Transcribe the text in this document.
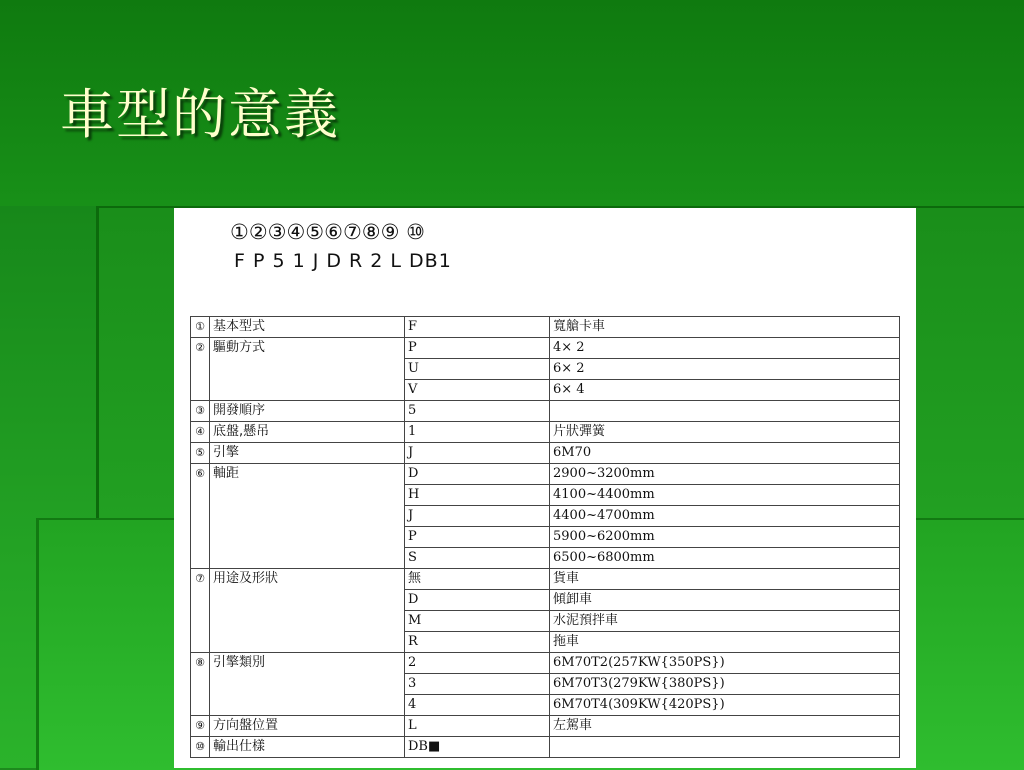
車型的意義
①②③④⑤⑥⑦⑧⑨ ⑩
F P 5 1 J D R 2 L DB1
①	基本型式	F	寬艙卡車
②	驅動方式	P	4× 2
		U	6× 2
		V	6× 4
③	開發順序	5	
④	底盤,懸吊	1	片狀彈簧
⑤	引擎	J	6M70
⑥	軸距	D	2900~3200mm
		H	4100~4400mm
		J	4400~4700mm
		P	5900~6200mm
		S	6500~6800mm
⑦	用途及形狀	無	貨車
		D	傾卸車
		M	水泥預拌車
		R	拖車
⑧	引擎類別	2	6M70T2(257KW{350PS})
		3	6M70T3(279KW{380PS})
		4	6M70T4(309KW{420PS})
⑨	方向盤位置	L	左駕車
⑩	輸出仕樣	DB■	
